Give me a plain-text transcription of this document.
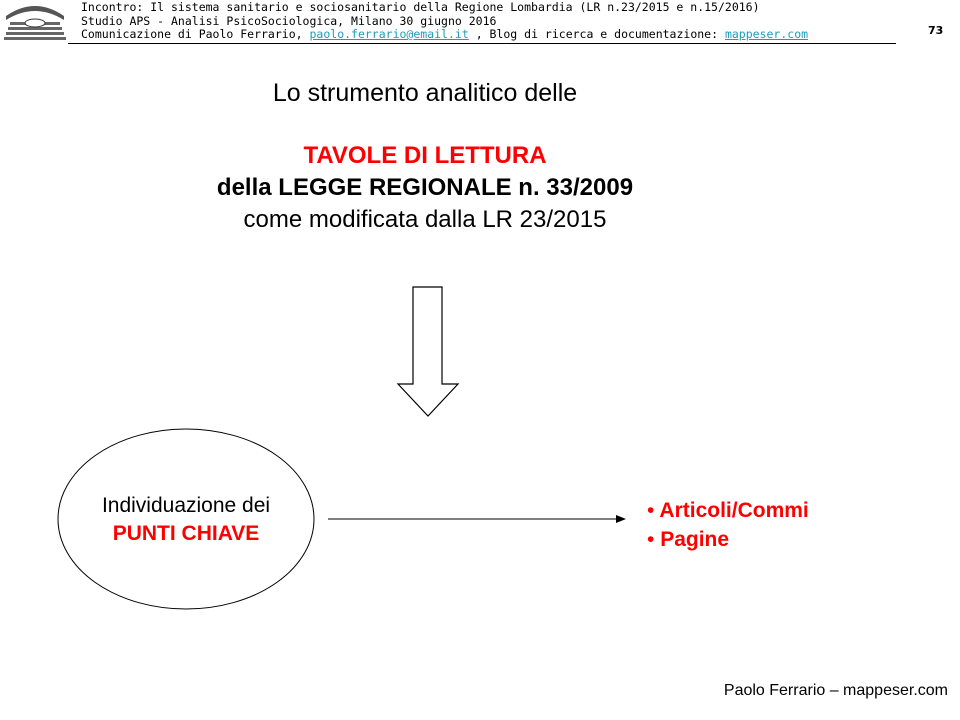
Incontro: Il sistema sanitario e sociosanitario della Regione Lombardia (LR n.23/2015 e n.15/2016)
Studio APS - Analisi PsicoSociologica, Milano 30 giugno 2016
Comunicazione di Paolo Ferrario, paolo.ferrario@email.it , Blog di ricerca e documentazione: mappeser.com	73
Lo strumento analitico delle
TAVOLE DI LETTURA
della LEGGE REGIONALE n. 33/2009
come modificata dalla LR 23/2015
Individuazione dei
PUNTI CHIAVE
• Articoli/Commi
• Pagine
Paolo Ferrario – mappeser.com
